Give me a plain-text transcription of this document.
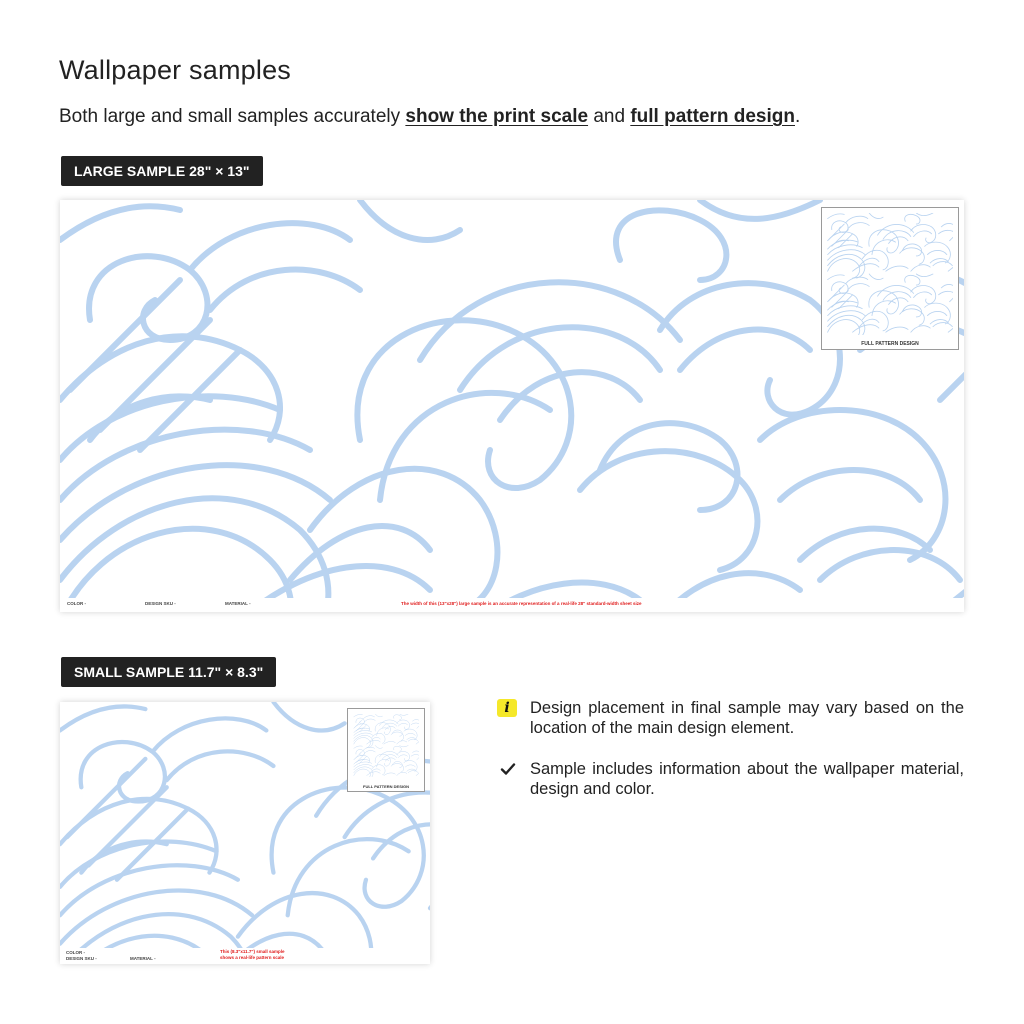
Wallpaper samples
Both large and small samples accurately show the print scale and full pattern design.
LARGE SAMPLE 28" × 13"
FULL PATTERN DESIGN
COLOR -	DESIGN SKU -	MATERIAL -	The width of this (13"x28") large sample is an accurate representation of a real-life 28" standard-width sheet size
SMALL SAMPLE 11.7" × 8.3"
FULL PATTERN DESIGN
COLOR -
DESIGN SKU -	MATERIAL -
This (8.3"x11.7") small sample
shows a real-life pattern scale
i	Design placement in final sample may vary based on the location of the main design element.
Sample includes information about the wallpaper material, design and color.
